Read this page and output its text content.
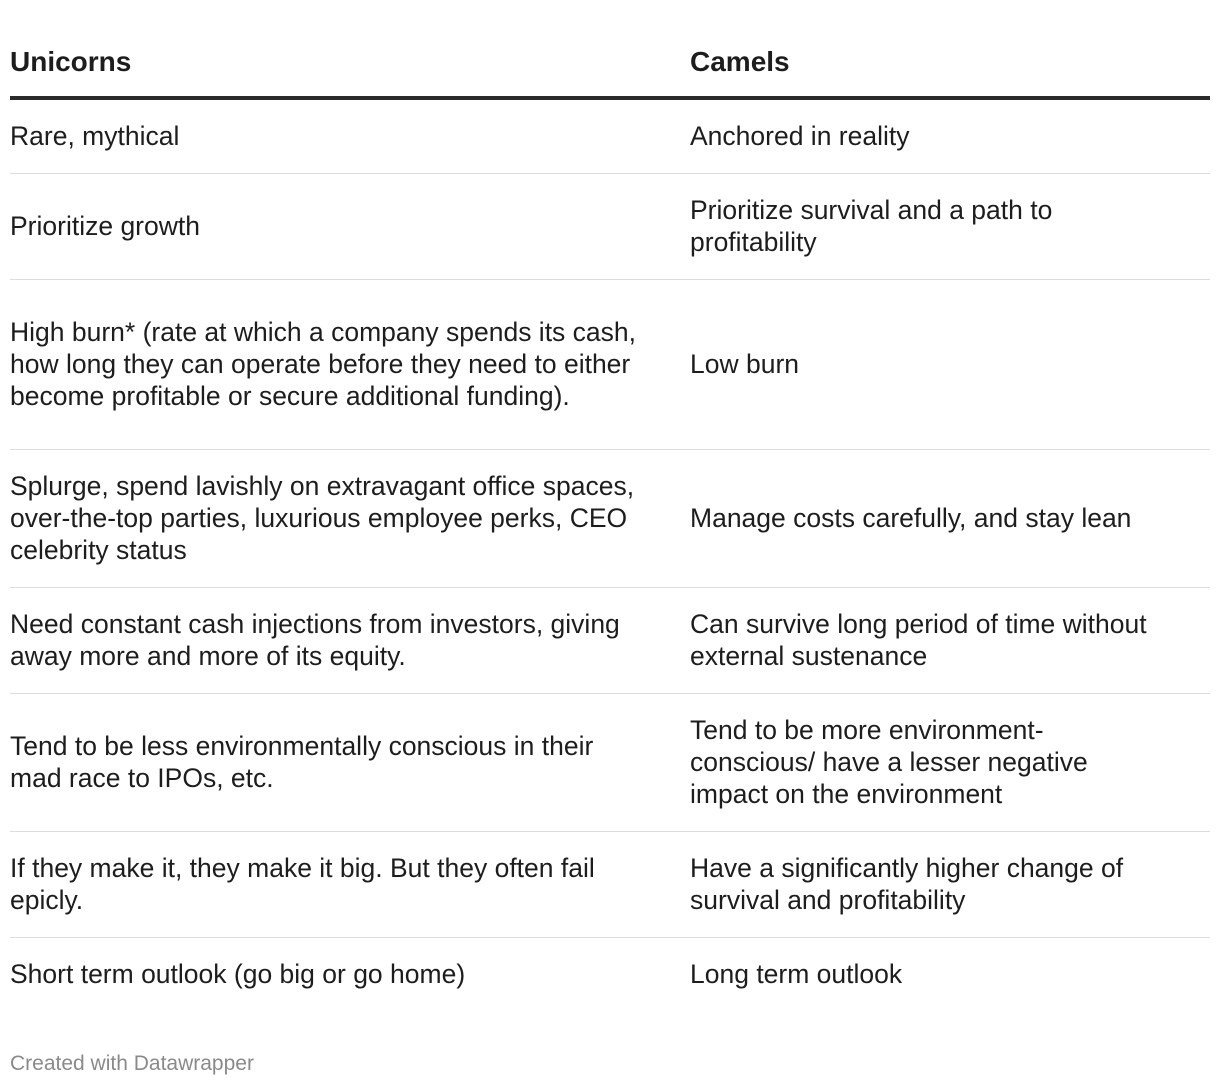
Unicorns	Camels

Rare, mythical	Anchored in reality

Prioritize growth	Prioritize survival and a path to profitability

High burn* (rate at which a company spends its cash, how long they can operate before they need to either become profitable or secure additional funding).	Low burn

Splurge, spend lavishly on extravagant office spaces, over-the-top parties, luxurious employee perks, CEO celebrity status	Manage costs carefully, and stay lean

Need constant cash injections from investors, giving away more and more of its equity.	Can survive long period of time without external sustenance

Tend to be less environmentally conscious in their mad race to IPOs, etc.	Tend to be more environment-conscious/ have a lesser negative impact on the environment

If they make it, they make it big. But they often fail epicly.	Have a significantly higher change of survival and profitability

Short term outlook (go big or go home)	Long term outlook
Created with Datawrapper
